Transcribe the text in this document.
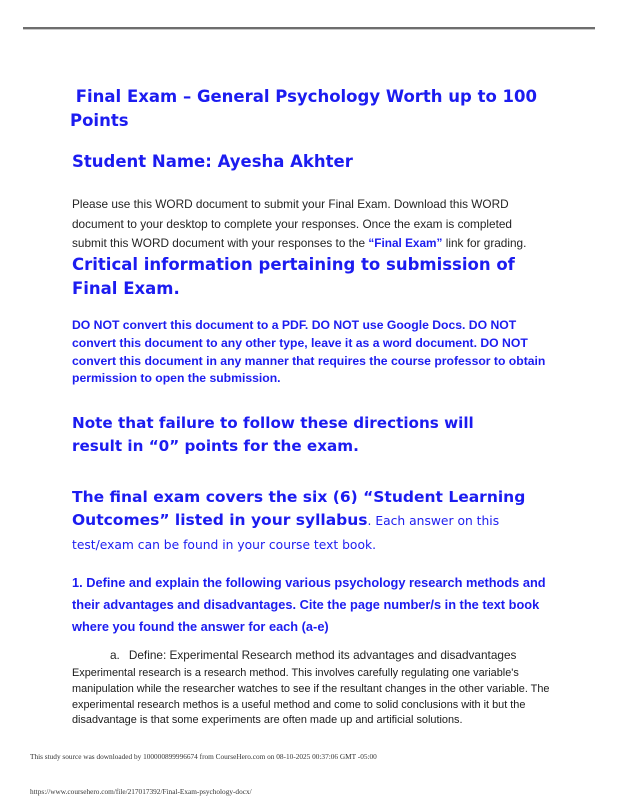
Final Exam – General Psychology Worth up to 100 Points
Student Name: Ayesha Akhter

Please use this WORD document to submit your Final Exam. Download this WORD document to your desktop to complete your responses. Once the exam is completed submit this WORD document with your responses to the “Final Exam” link for grading.

Critical information pertaining to submission of Final Exam.

DO NOT convert this document to a PDF. DO NOT use Google Docs. DO NOT convert this document to any other type, leave it as a word document. DO NOT convert this document in any manner that requires the course professor to obtain permission to open the submission.

Note that failure to follow these directions will result in “0” points for the exam.
The final exam covers the six (6) “Student Learning Outcomes” listed in your syllabus. Each answer on this test/exam can be found in your course text book.
1. Define and explain the following various psychology research methods and their advantages and disadvantages. Cite the page number/s in the text book where you found the answer for each (a-e)

a. Define: Experimental Research method its advantages and disadvantages

Experimental research is a research method. This involves carefully regulating one variable's manipulation while the researcher watches to see if the resultant changes in the other variable. The experimental research methos is a useful method and come to solid conclusions with it but the disadvantage is that some experiments are often made up and artificial solutions.

This study source was downloaded by 100000899996674 from CourseHero.com on 08-10-2025 00:37:06 GMT -05:00
https://www.coursehero.com/file/217017392/Final-Exam-psychology-docx/
